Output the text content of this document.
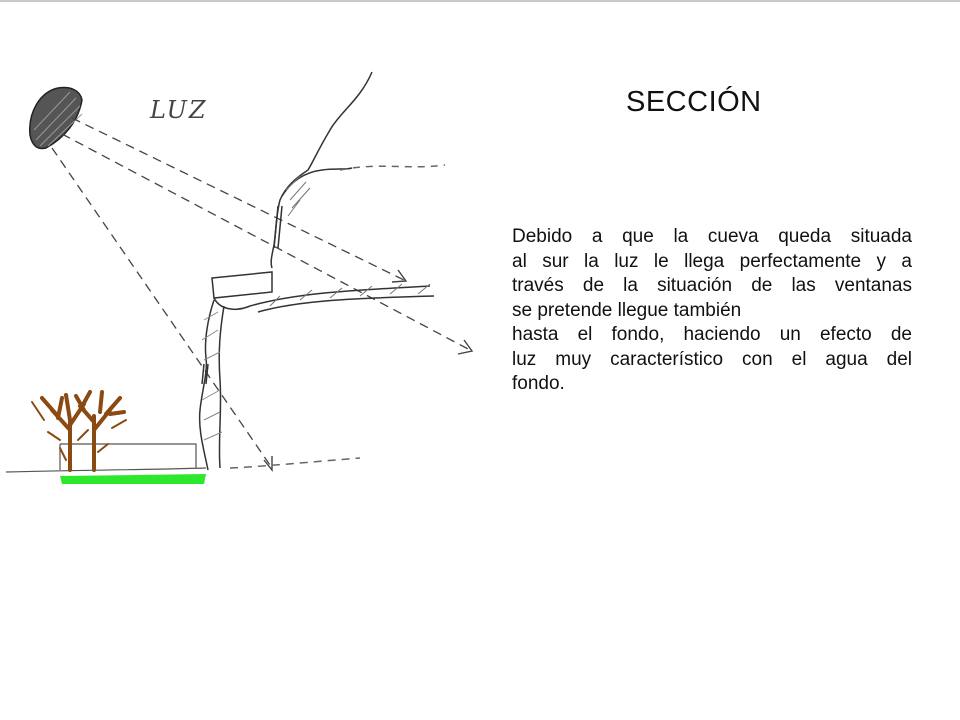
LUZ	SECCIÓN
Debido a que la cueva queda situada
al sur la luz le llega perfectamente y a
través de la situación de las ventanas
se pretende llegue también
hasta el fondo, haciendo un efecto de
luz muy característico con el agua del
fondo.
